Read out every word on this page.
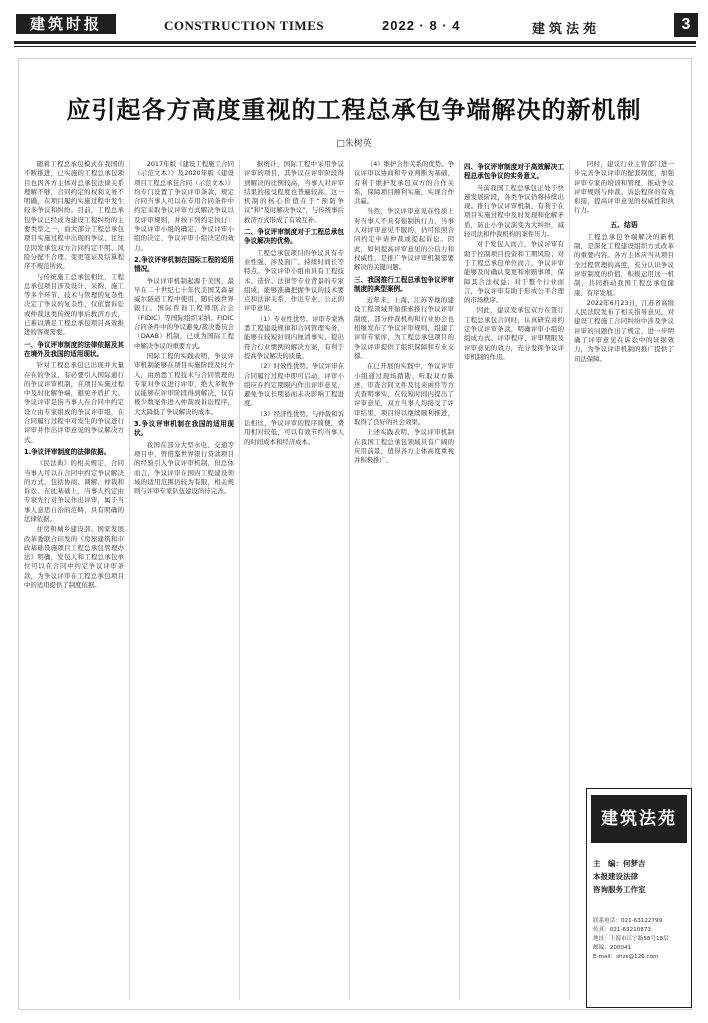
建筑时报	CONSTRUCTION TIMES	2022 · 8 · 4	建筑法苑	3
应引起各方高度重视的工程总承包争端解决的新机制
□朱树英

随着工程总承包模式在我国的不断推进，已实施的工程总承包项目也因各方主体对总承包法律关系理解不够，合同约定的权利义务不明确，在项目履约实施过程中发生较多争议和纠纷。目前，工程总承包争议已经成为建设工程纠纷的主要类型之一，而大部分工程总承包项目实施过程中出现的争议，往往是因发承包双方合同约定不明、风险分配不合理、变更签证及结算程序不规范所致。

与传统施工总承包相比，工程总承包项目涉及设计、采购、施工等多个环节，技术与管理的复杂性决定了争议的复杂性，仅依靠诉讼或仲裁这类传统的事后救济方式，已难以满足工程总承包项目高效推进的客观需要。

一、争议评审制度的法律依据及其在境外及我国的适用现状。

针对工程总承包已出现并大量存在的争议，有必要引入国际通行的争议评审机制，在项目实施过程中及时化解争端，避免矛盾扩大。争议评审是指当事人在合同中约定设立由专家组成的争议评审组，在合同履行过程中对发生的争议进行评审并作出评审意见的争议解决方式。

1.争议评审制度的法律依据。

《民法典》的相关规定，合同当事人可以在合同中约定争议解决的方式，包括协商、调解、仲裁和诉讼。在此基础上，当事人约定由专家先行对争议作出评审，属于当事人意思自治的范畴，具有明确的法律依据。

住房和城乡建设部、国家发展改革委联合印发的《房屋建筑和市政基础设施项目工程总承包管理办法》明确，发包人和工程总承包单位可以在合同中约定争议评审条款，为争议评审在工程总承包项目中的适用提供了制度依据。

2017年版《建设工程施工合同（示范文本）》及2020年版《建设项目工程总承包合同（示范文本）》均专门设置了争议评审条款，规定合同当事人可以在专用合同条件中约定采取争议评审方式解决争议以及评审规则，并按下列约定执行：争议评审小组的确定、争议评审小组的决定、争议评审小组决定的效力。

2.争议评审机制在国际工程的适用情况。

争议评审机制起源于美国，最早在二十世纪七十年代美国艾森豪威尔隧道工程中使用，随后被世界银行、国际咨询工程师联合会（FIDIC）等国际组织采纳。FIDIC合同条件中的争议避免/裁决委员会（DAAB）机制，已成为国际工程中解决争议的重要方式。

国际工程的实践表明，争议评审机制能够在项目实施阶段及时介入，由熟悉工程技术与合同管理的专家对争议进行评审，绝大多数争议能够在评审阶段得到解决，仅有极少数案件进入仲裁或诉讼程序，大大降低了争议解决的成本。

3.争议评审机制在我国的适用现状。

我国在部分大型水电、交通等项目中，曾借鉴世界银行贷款项目的经验引入争议评审机制，但总体而言，争议评审在国内工程建设领域的适用范围仍较为有限，相关规则与评审专家队伍建设尚待完善。

据统计，国际工程中采用争议评审的项目，其争议在评审阶段得到解决的比例较高，当事人对评审结果的接受程度也普遍较高。这一机制的核心价值在于“预防争议”和“及时解决争议”，与传统事后救济方式形成了有效互补。

二、争议评审制度对于工程总承包争议解决的优势。

工程总承包项目的争议具有专业性强、涉及面广、持续时间长等特点。争议评审小组由具有工程技术、造价、法律等专业背景的专家组成，能够准确把握争议的技术要点和法律关系，作出专业、公正的评审意见。

（1）专业性优势。评审专家熟悉工程建设规律和合同管理实务，能够在较短时间内厘清事实，提出符合行业惯例的解决方案，有利于提高争议解决的质量。

（2）时效性优势。争议评审在合同履行过程中即可启动，评审小组应在约定期限内作出评审意见，避免争议长期悬而未决影响工程进度。

（3）经济性优势。与仲裁和诉讼相比，争议评审的程序简便，费用相对较低，可以有效节约当事人的时间成本和经济成本。

（4）维护合作关系的优势。争议评审以协商和专业判断为基础，有利于维护发承包双方的合作关系，保障项目顺利实施，实现合作共赢。

当然，争议评审意见在性质上对当事人不具有强制执行力，当事人对评审意见不服的，仍可依照合同约定申请仲裁或提起诉讼。因此，如何提高评审意见的公信力和权威性，是推广争议评审机制需要解决的关键问题。

三、我国推行工程总承包争议评审制度的典型案例。

近年来，上海、江苏等地的建设工程领域开始探索推行争议评审制度，部分仲裁机构和行业协会也相继发布了争议评审规则，组建了评审专家库，为工程总承包项目的争议评审提供了组织保障和专业支撑。

在已开展的实践中，争议评审小组通过现场踏勘、听取双方陈述、审查合同文件及往来函件等方式查明事实，在较短时间内提出了评审意见，双方当事人均接受了评审结果，项目得以继续顺利推进，取得了良好的社会效果。

上述实践表明，争议评审机制在我国工程总承包领域具有广阔的应用前景，值得各方主体高度重视并积极推广。

四、争议评审制度对于高效解决工程总承包争议的实务意义。

当前我国工程总承包正处于快速发展阶段，各类争议仍将持续出现。推行争议评审机制，有利于在项目实施过程中及时发现和化解矛盾，防止小争议演变为大纠纷，减轻司法和仲裁机构的案件压力。

对于发包人而言，争议评审有助于控制项目投资和工期风险；对于工程总承包单位而言，争议评审能够及时确认变更和索赔事项，保障其合法权益；对于整个行业而言，争议评审有助于形成公平合理的市场秩序。

因此，建议发承包双方在签订工程总承包合同时，认真研究并约定争议评审条款，明确评审小组的组成方式、评审程序、评审期限及评审意见的效力，充分发挥争议评审机制的作用。

同时，建议行业主管部门进一步完善争议评审的配套制度，加强评审专家的培训和管理，推动争议评审规则与仲裁、诉讼程序的有效衔接，提高评审意见的权威性和执行力。

五、结语

工程总承包争端解决的新机制，是深化工程建设组织方式改革的重要内容。各方主体应当从项目全过程管理的高度，充分认识争议评审制度的价值，积极运用这一机制，共同推动我国工程总承包健康、有序发展。

2022年6月23日，江苏省高级人民法院发布了相关指导意见，对建设工程施工合同纠纷中涉及争议评审的问题作出了规定，进一步明确了评审意见在诉讼中的证据效力，为争议评审机制的推广提供了司法保障。

建筑法苑
主　编：何梦吉
本报建设法律
咨询服务工作室
联系电话：021-63122799
传真：021-63210873
地址：上海市江宁路58号18层
邮编：200041
E-mail：shzs@126.com
